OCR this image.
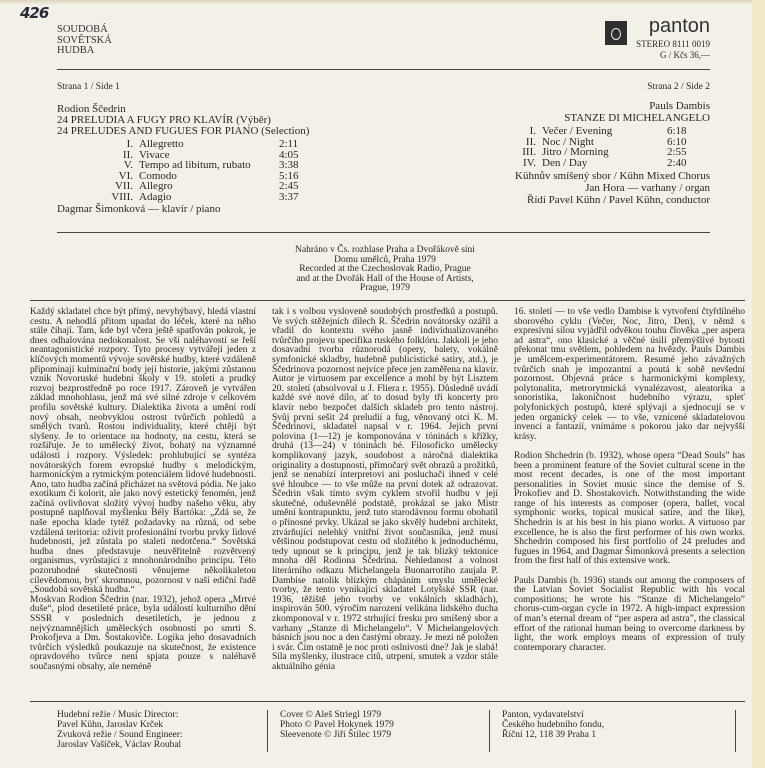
426
SOUDOBÁ
SOVĚTSKÁ
HUDBA
panton
STEREO 8111 0019
G / Kčs 36,—
Strana 1 / Side 1	Strana 2 / Side 2
Rodion Ščedrin
24 PRELUDIA A FUGY PRO KLAVÍR (Výběr)
24 PRELUDES AND FUGUES FOR PIANO (Selection)
I.	Allegretto	2:11
II.	Vivace	4:05
V.	Tempo ad libitum, rubato	3:38
VI.	Comodo	5:16
VII.	Allegro	2:45
VIII.	Adagio	3:37
Dagmar Šimonková — klavír / piano
Pauls Dambis
STANZE DI MICHELANGELO
I.	Večer / Evening	6:18
II.	Noc / Night	6:10
III.	Jitro / Morning	2:55
IV.	Den / Day	2:40

Kühnův smíšený sbor / Kühn Mixed Chorus

Jan Hora — varhany / organ

Řídí Pavel Kühn / Pavel Kühn, conductor

Nahráno v Čs. rozhlase Praha a Dvořákově síni
Domu umělců, Praha 1979
Recorded at the Czechoslovak Radio, Prague
and at the Dvořák Hall of the House of Artists,
Prague, 1979

Každý skladatel chce být přímý, nevyhýbavý, hledá vlastní cestu. A nehodlá přitom upadat do léček, které na něho stále číhají. Tam, kde byl včera ještě spatřován pokrok, je dnes odhalována nedokonalost. Se vší naléhavostí se řeší neantagonistické rozpory. Tyto procesy vytvářejí jeden z klíčových momentů vývoje sovětské hudby, které vzdáleně připomínají kulminační body její historie, jakými zůstanou vznik Novoruské hudební školy v 19. století a prudký rozvoj bezprostředně po roce 1917. Zároveň je vytvářen základ mnohohlasu, jenž má své silné zdroje v celkovém profilu sovětské kultury. Dialektika života a umění rodí nový obsah, neobvyklou ostrost tvůrčích pohledů a smělých tvarů. Rostou individuality, které chtějí být slyšeny. Je to orientace na hodnoty, na cestu, která se rozšiřuje. Je to umělecký život, bohatý na významné události i rozpory. Výsledek: prohlubující se syntéza novátorských forem evropské hudby s melodickým, harmonickým a rytmickým potenciálem lidové hudebnosti. Ano, tato hudba začíná přicházet na světová pódia. Ne jako exotikum či kolorit, ale jako nový estetický fenomén, jenž začíná ovlivňovat složitý vývoj hudby našeho věku, aby postupně naplňoval myšlenku Bély Bartóka: „Zdá se, že naše epocha klade tytéž požadavky na různá, od sebe vzdálená teritoria: oživit profesionální tvorbu prvky lidové hudebnosti, jež zůstala po staletí nedotčena.“ Sovětská hudba dnes představuje neuvěřitelně rozvětvený organismus, vyrůstající z mnohonárodního principu. Této pozoruhodné skutečnosti věnujeme několikaletou cílevědomou, byť skromnou, pozornost v naší ediční řadě „Soudobá sovětská hudba.“

Moskvan Rodion Ščedrin (nar. 1932), jehož opera „Mrtvé duše“, plod desetileté práce, byla událostí kulturního dění SSSR v posledních desetiletích, je jednou z nejvýznamnějších uměleckých osobností po smrti S. Prokofjeva a Dm. Šostakoviče. Logika jeho dosavadních tvůrčích výsledků poukazuje na skutečnost, že existence opravdového tvůrce není spjata pouze s naléhavě současnými obsahy, ale neméně

tak i s volbou vysloveně soudobých prostředků a postupů. Ve svých stěžejních dílech R. Ščedrin novátorsky ozářil a vřadil do kontextu svého jasně individualizovaného tvůrčího projevu specifika ruského folklóru. Jakkoli je jeho dosavadní tvorba různorodá (opery, balety, vokálně symfonické skladby, hudebně publicistické satiry, atd.), je Ščedrinova pozornost nejvíce přece jen zaměřena na klavír. Autor je virtuosem par excellence a mohl by být Lisztem 20. století (absolvoval u J. Fliera r. 1955). Důsledně uvádí každé své nové dílo, ať to dosud byly tři koncerty pro klavír nebo bezpočet dalších skladeb pro tento nástroj. Svůj první sešit 24 preludií a fug, věnovaný otci K. M. Ščedrinovi, skladatel napsal v r. 1964. Jejich první polovina (1—12) je komponována v tóninách s křížky, druhá (13—24) v tóninách bé. Filosoficko umělecky komplikovaný jazyk, soudobost a náročná dialektika originality a dostupnosti, přímočarý svět obrazů a prožitků, jenž se nenabízí interpretovi ani posluchači ihned v celé své hloubce — to vše může na první dotek až odrazovat. Ščedrin však tímto svým cyklem stvořil hudbu v její skutečné, oduševnělé podstatě, prokázal se jako Mistr umění kontrapunktu, jenž tuto starodávnou formu obohatil o přínosné prvky. Ukázal se jako skvělý hudební architekt, ztvárňující nelehký vnitřní život současníka, jenž musí většinou podstupovat cestu od složitého k jednoduchému, tedy upnout se k principu, jenž je tak blízký tektonice mnoha děl Rodiona Ščedrina. Nehledanost a volnost literárního odkazu Michelangela Buonarrotiho zaujala P. Dambise natolik blízkým chápáním smyslu umělecké tvorby, že tento vynikající skladatel Lotyšské SSR (nar. 1936, těžiště jeho tvorby ve vokálních skladbách), inspirován 500. výročím narození velikána lidského ducha zkomponoval v r. 1972 strhující fresku pro smíšený sbor a varhany „Stanze di Michelangelo“. V Michelangelových básních jsou noc a den častými obrazy. Je mezi ně položen i svár. Čím ostatně je noc proti oslnivosti dne? Jak je slabá! Síla myšlenky, ilustrace citů, utrpení, smutek a vzdor stále aktuálního génia

16. století — to vše vedlo Dambise k vytvoření čtyřdílného sborového cyklu (Večer, Noc, Jitro, Den), v němž s expresivní silou vyjádřil odvěkou touhu člověka „per aspera ad astra“, ono klasické a věčné úsilí přemýšlivé bytosti překonat tmu světlem, pohledem na hvězdy. Pauls Dambis je umělcem-experimentátorem. Resumé jeho závažných tvůrčích snah je impozantní a poutá k sobě nevšední pozornost. Objevná práce s harmonickými komplexy, polytonalita, metrorytmická vynalézavost, aleatorika a sonoristika, lakoničnost hudebního výrazu, spleť polyfonických postupů, které splývají a sjednocují se v jeden organický celek — to vše, vznícené skladatelovou invencí a fantazií, vnímáme s pokorou jako dar nejvyšší krásy.

Rodion Shchedrin (b. 1932), whose opera “Dead Souls” has been a prominent feature of the Soviet cultural scene in the most recent decades, is one of the most important personalities in Soviet music since the demise of S. Prokofiev and D. Shostakovich. Notwithstanding the wide range of his interests as composer (opera, ballet, vocal symphonic works, topical musical satire, and the like), Shchedrin is at his best in his piano works. A virtuoso par excellence, he is also the first performer of his own works. Shchedrin composed his first portfolio of 24 preludes and fugues in 1964, and Dagmar Šimonková presents a selection from the first half of this extensive work.

Pauls Dambis (b. 1936) stands out among the composers of the Latvian Soviet Socialist Republic with his vocal compositions; he wrote his “Stanze di Michelangelo” chorus-cum-organ cycle in 1972. A high-impact expression of man’s eternal dream of “per aspera ad astra”, the classical effort of the rational human being to overcome darkness by light, the work employs means of expression of truly contemporary character.

Hudební režie / Music Director:
Pavel Kühn, Jaroslav Krček
Zvuková režie / Sound Engineer:
Jaroslav Vašíček, Václav Roubal
Cover © Aleš Striegl 1979
Photo © Pavel Hokynek 1979
Sleevenote © Jiří Štilec 1979
Panton, vydavatelství
Českého hudebního fondu,
Říční 12, 118 39 Praha 1
